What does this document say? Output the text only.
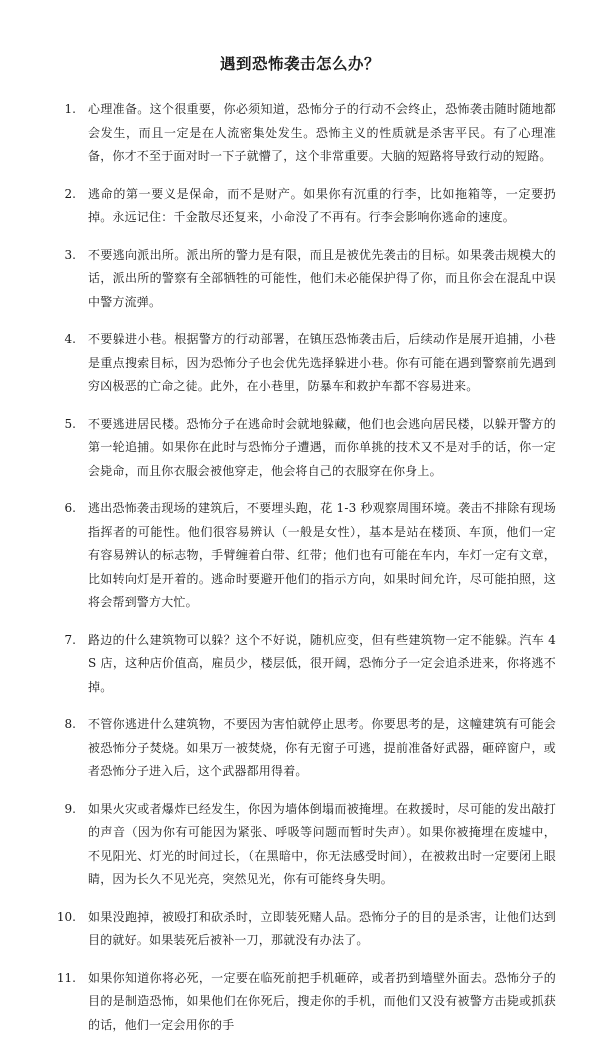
遇到恐怖袭击怎么办？
1. 心理准备。这个很重要，你必须知道，恐怖分子的行动不会终止，恐怖袭击随时随地都会发生，而且一定是在人流密集处发生。恐怖主义的性质就是杀害平民。有了心理准备，你才不至于面对时一下子就懵了，这个非常重要。大脑的短路将导致行动的短路。
2. 逃命的第一要义是保命，而不是财产。如果你有沉重的行李，比如拖箱等，一定要扔掉。永远记住：千金散尽还复来，小命没了不再有。行李会影响你逃命的速度。
3. 不要逃向派出所。派出所的警力是有限，而且是被优先袭击的目标。如果袭击规模大的话，派出所的警察有全部牺牲的可能性，他们未必能保护得了你，而且你会在混乱中误中警方流弹。
4. 不要躲进小巷。根据警方的行动部署，在镇压恐怖袭击后，后续动作是展开追捕，小巷是重点搜索目标，因为恐怖分子也会优先选择躲进小巷。你有可能在遇到警察前先遇到穷凶极恶的亡命之徒。此外，在小巷里，防暴车和救护车都不容易进来。
5. 不要逃进居民楼。恐怖分子在逃命时会就地躲藏，他们也会逃向居民楼，以躲开警方的第一轮追捕。如果你在此时与恐怖分子遭遇，而你单挑的技术又不是对手的话，你一定会毙命，而且你衣服会被他穿走，他会将自己的衣服穿在你身上。
6. 逃出恐怖袭击现场的建筑后，不要埋头跑，花 1-3 秒观察周围环境。袭击不排除有现场指挥者的可能性。他们很容易辨认（一般是女性），基本是站在楼顶、车顶，他们一定有容易辨认的标志物，手臂缠着白带、红带；他们也有可能在车内，车灯一定有文章，比如转向灯是开着的。逃命时要避开他们的指示方向，如果时间允许，尽可能拍照，这将会帮到警方大忙。
7. 路边的什么建筑物可以躲？这个不好说，随机应变，但有些建筑物一定不能躲。汽车 4S 店，这种店价值高，雇员少，楼层低，很开阔，恐怖分子一定会追杀进来，你将逃不掉。
8. 不管你逃进什么建筑物，不要因为害怕就停止思考。你要思考的是，这幢建筑有可能会被恐怖分子焚烧。如果万一被焚烧，你有无窗子可逃，提前准备好武器，砸碎窗户，或者恐怖分子进入后，这个武器都用得着。
9. 如果火灾或者爆炸已经发生，你因为墙体倒塌而被掩埋。在救援时，尽可能的发出敲打的声音（因为你有可能因为紧张、呼吸等问题而暂时失声）。如果你被掩埋在废墟中，不见阳光、灯光的时间过长，（在黑暗中，你无法感受时间），在被救出时一定要闭上眼睛，因为长久不见光亮，突然见光，你有可能终身失明。
10. 如果没跑掉，被殴打和砍杀时，立即装死赌人品。恐怖分子的目的是杀害，让他们达到目的就好。如果装死后被补一刀，那就没有办法了。
11. 如果你知道你将必死，一定要在临死前把手机砸碎，或者扔到墙壁外面去。恐怖分子的目的是制造恐怖，如果他们在你死后，搜走你的手机，而他们又没有被警方击毙或抓获的话，他们一定会用你的手
